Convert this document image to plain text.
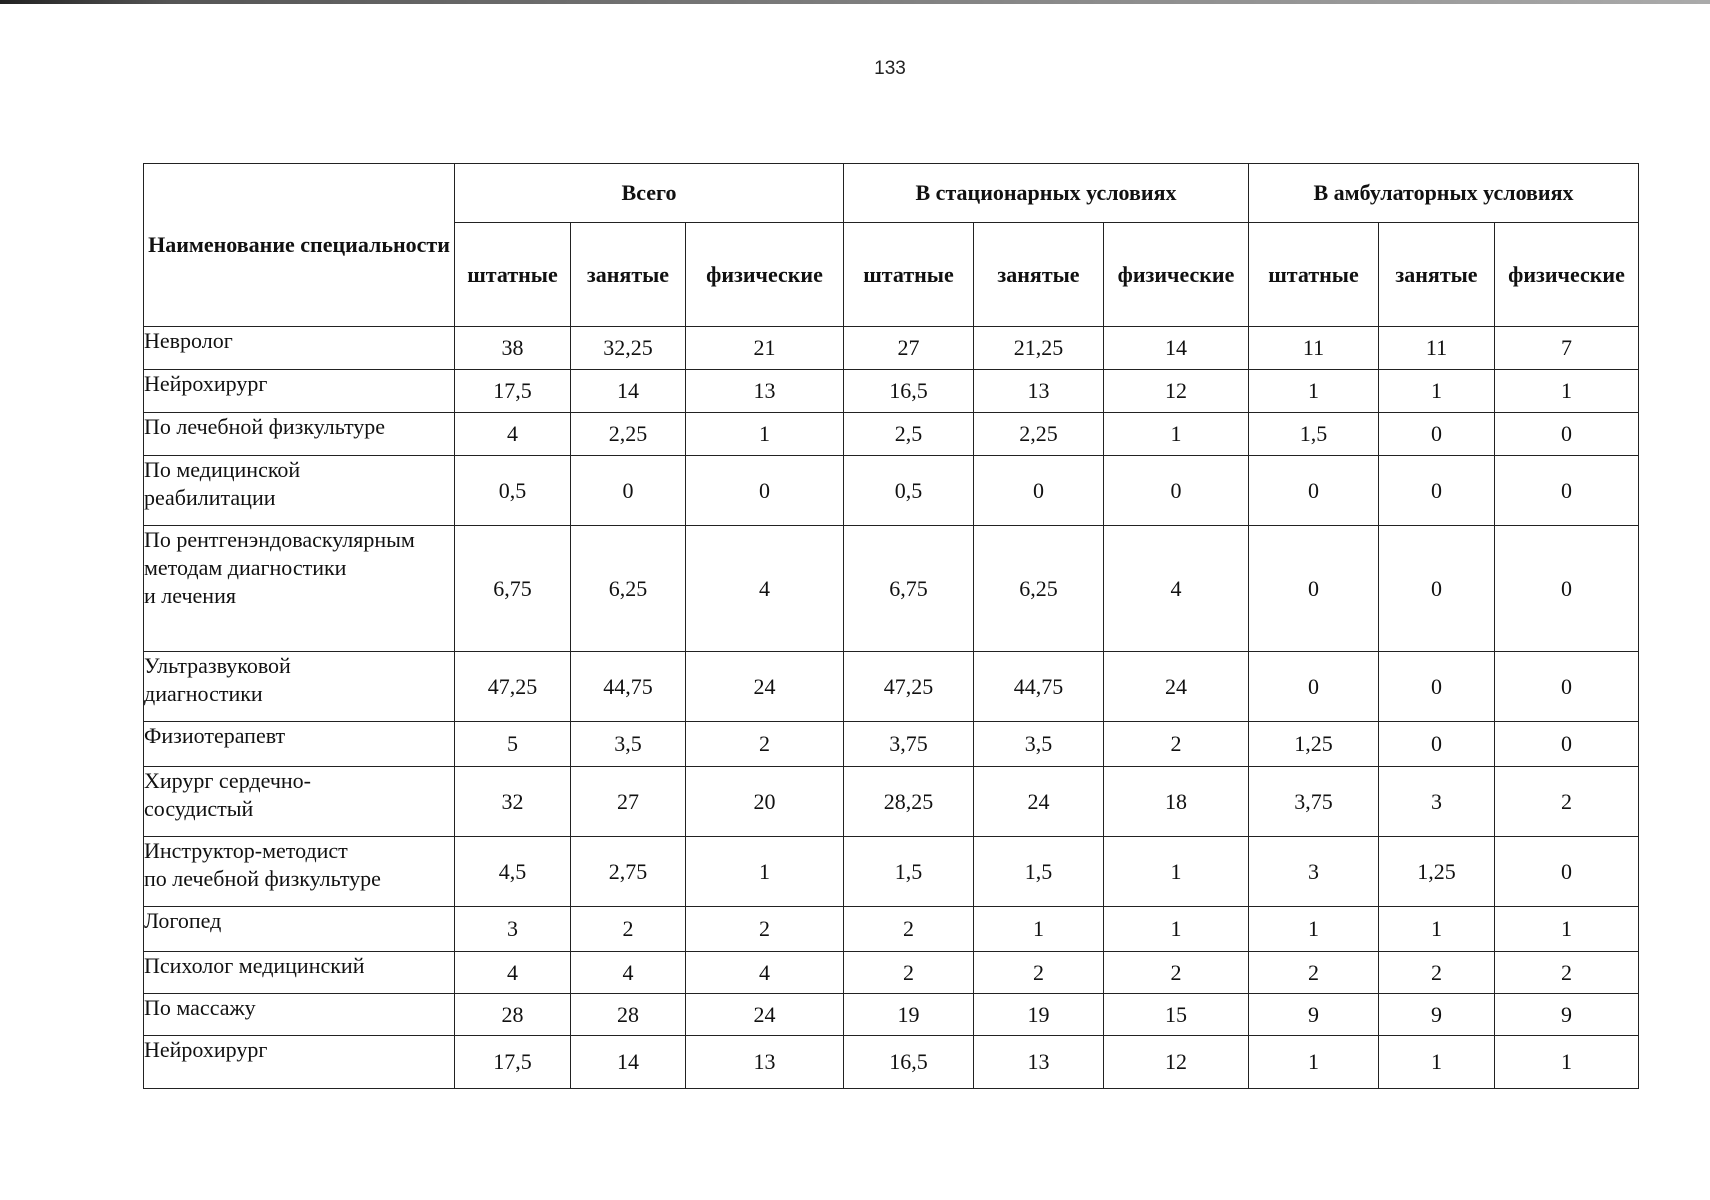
133
Наименование специальности	Всего			В стационарных условиях			В амбулаторных условиях		
	штатные	занятые	физические	штатные	занятые	физические	штатные	занятые	физические
Невролог	38	32,25	21	27	21,25	14	11	11	7
Нейрохирург	17,5	14	13	16,5	13	12	1	1	1
По лечебной физкультуре	4	2,25	1	2,5	2,25	1	1,5	0	0
По медицинской
реабилитации	0,5	0	0	0,5	0	0	0	0	0
По рентгенэндоваскулярным
методам диагностики
и лечения	6,75	6,25	4	6,75	6,25	4	0	0	0
Ультразвуковой
диагностики	47,25	44,75	24	47,25	44,75	24	0	0	0
Физиотерапевт	5	3,5	2	3,75	3,5	2	1,25	0	0
Хирург сердечно-
сосудистый	32	27	20	28,25	24	18	3,75	3	2
Инструктор-методист
по лечебной физкультуре	4,5	2,75	1	1,5	1,5	1	3	1,25	0
Логопед	3	2	2	2	1	1	1	1	1
Психолог медицинский	4	4	4	2	2	2	2	2	2
По массажу	28	28	24	19	19	15	9	9	9
Нейрохирург	17,5	14	13	16,5	13	12	1	1	1
